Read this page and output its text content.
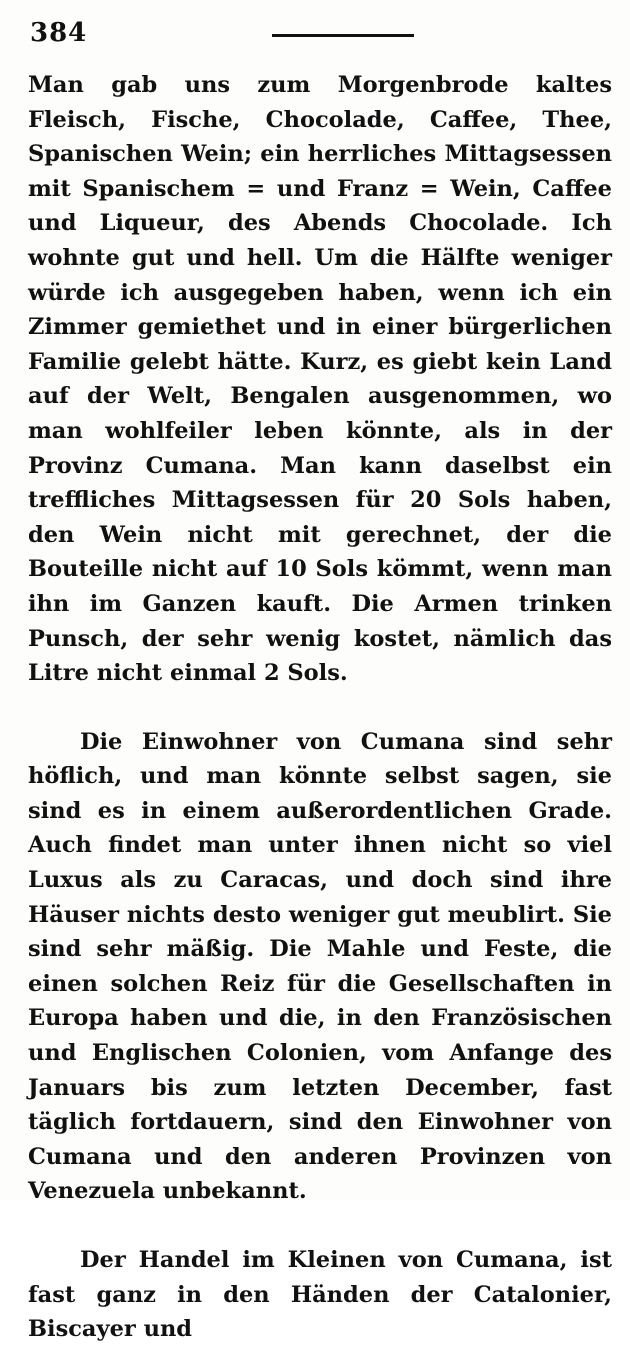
384

Man gab uns zum Morgenbrode kaltes Fleisch, Fische, Chocolade, Caffee, Thee, Spanischen Wein; ein herrliches Mittagsessen mit Spanischem = und Franz = Wein, Caffee und Liqueur, des Abends Chocolade. Ich wohnte gut und hell. Um die Hälfte weniger würde ich ausgegeben haben, wenn ich ein Zimmer gemiethet und in einer bürgerlichen Familie gelebt hätte. Kurz, es giebt kein Land auf der Welt, Bengalen ausgenommen, wo man wohlfeiler leben könnte, als in der Provinz Cumana. Man kann daselbst ein treffliches Mittagsessen für 20 Sols haben, den Wein nicht mit gerechnet, der die Bouteille nicht auf 10 Sols kömmt, wenn man ihn im Ganzen kauft. Die Armen trinken Punsch, der sehr wenig kostet, nämlich das Litre nicht einmal 2 Sols.

Die Einwohner von Cumana sind sehr höflich, und man könnte selbst sagen, sie sind es in einem außerordentlichen Grade. Auch findet man unter ihnen nicht so viel Luxus als zu Caracas, und doch sind ihre Häuser nichts desto weniger gut meublirt. Sie sind sehr mäßig. Die Mahle und Feste, die einen solchen Reiz für die Gesellschaften in Europa haben und die, in den Französischen und Englischen Colonien, vom Anfange des Januars bis zum letzten December, fast täglich fortdauern, sind den Einwohner von Cumana und den anderen Provinzen von Venezuela unbekannt.

Der Handel im Kleinen von Cumana, ist fast ganz in den Händen der Catalonier, Biscayer und
